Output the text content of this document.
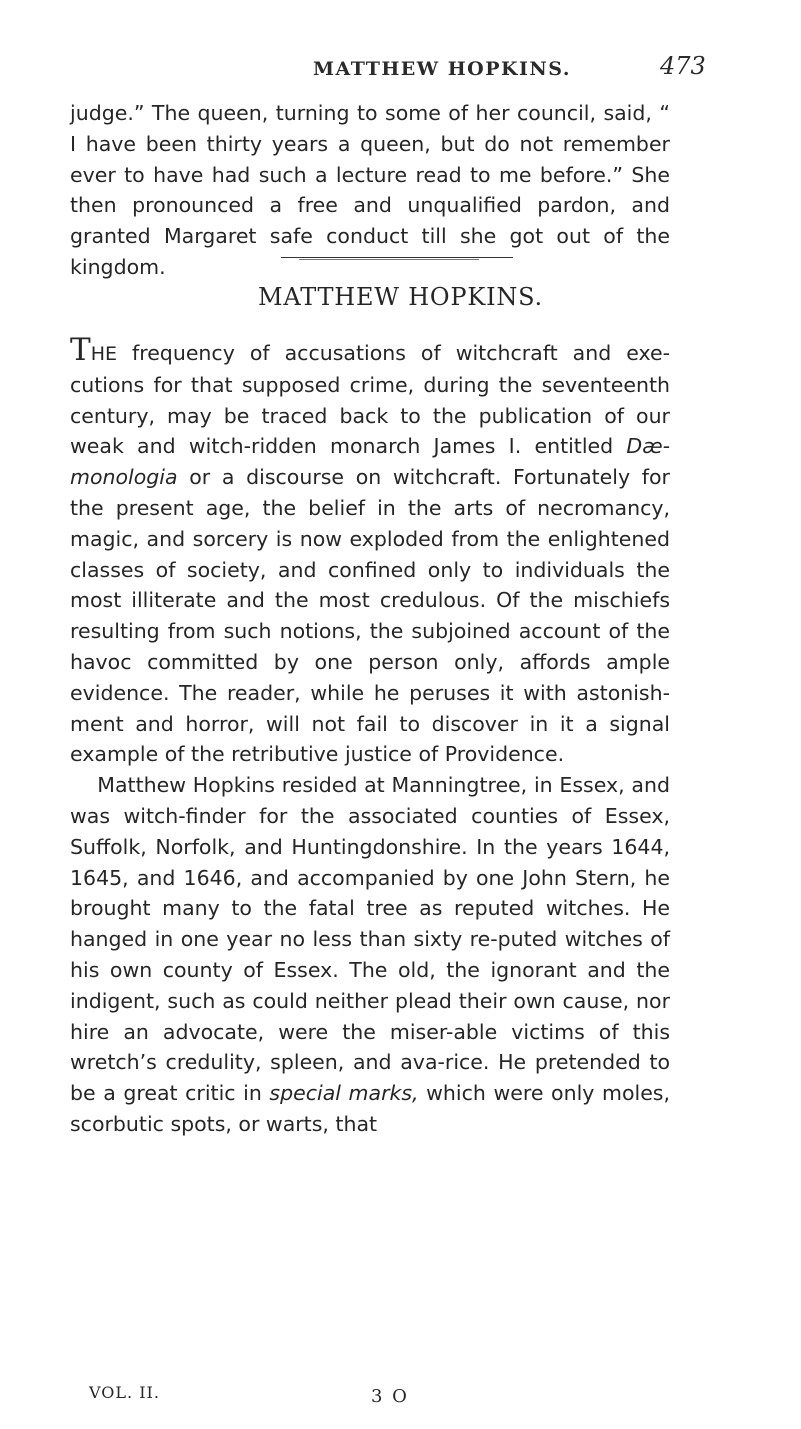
MATTHEW HOPKINS.	473

judge.” The queen, turning to some of her council, said, “ I have been thirty years a queen, but do not remember ever to have had such a lecture read to me before.” She then pronounced a free and unqualified pardon, and granted Margaret safe conduct till she got out of the kingdom.

MATTHEW HOPKINS.

THE frequency of accusations of witchcraft and exe-cutions for that supposed crime, during the seventeenth century, may be traced back to the publication of our weak and witch-ridden monarch James I. entitled Dæ-monologia or a discourse on witchcraft. Fortunately for the present age, the belief in the arts of necromancy, magic, and sorcery is now exploded from the enlightened classes of society, and confined only to individuals the most illiterate and the most credulous. Of the mischiefs resulting from such notions, the subjoined account of the havoc committed by one person only, affords ample evidence. The reader, while he peruses it with astonish-ment and horror, will not fail to discover in it a signal example of the retributive justice of Providence.

  Matthew Hopkins resided at Manningtree, in Essex, and was witch-finder for the associated counties of Essex, Suffolk, Norfolk, and Huntingdonshire. In the years 1644, 1645, and 1646, and accompanied by one John Stern, he brought many to the fatal tree as reputed witches. He hanged in one year no less than sixty re-puted witches of his own county of Essex. The old, the ignorant and the indigent, such as could neither plead their own cause, nor hire an advocate, were the miser-able victims of this wretch’s credulity, spleen, and ava-rice. He pretended to be a great critic in special marks, which were only moles, scorbutic spots, or warts, that

VOL. II.	3 O
